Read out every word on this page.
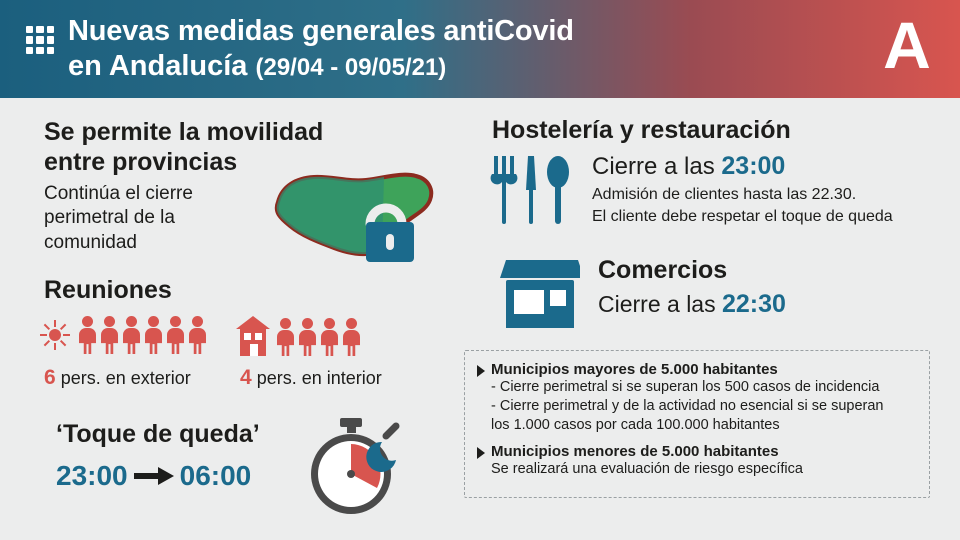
Nuevas medidas generales antiCovid
en Andalucía (29/04 - 09/05/21)	A
Se permite la movilidad
entre provincias
Continúa el cierre perimetral de la comunidad
Reuniones
6 pers. en exterior 4 pers. en interior
‘Toque de queda’
23:00 06:00
Hostelería y restauración
Cierre a las 23:00
Admisión de clientes hasta las 22.30.
El cliente debe respetar el toque de queda
Comercios
Cierre a las 22:30
Municipios mayores de 5.000 habitantes
- Cierre perimetral si se superan los 500 casos de incidencia
- Cierre perimetral y de la actividad no esencial si se superan
los 1.000 casos por cada 100.000 habitantes
Municipios menores de 5.000 habitantes
Se realizará una evaluación de riesgo específica
